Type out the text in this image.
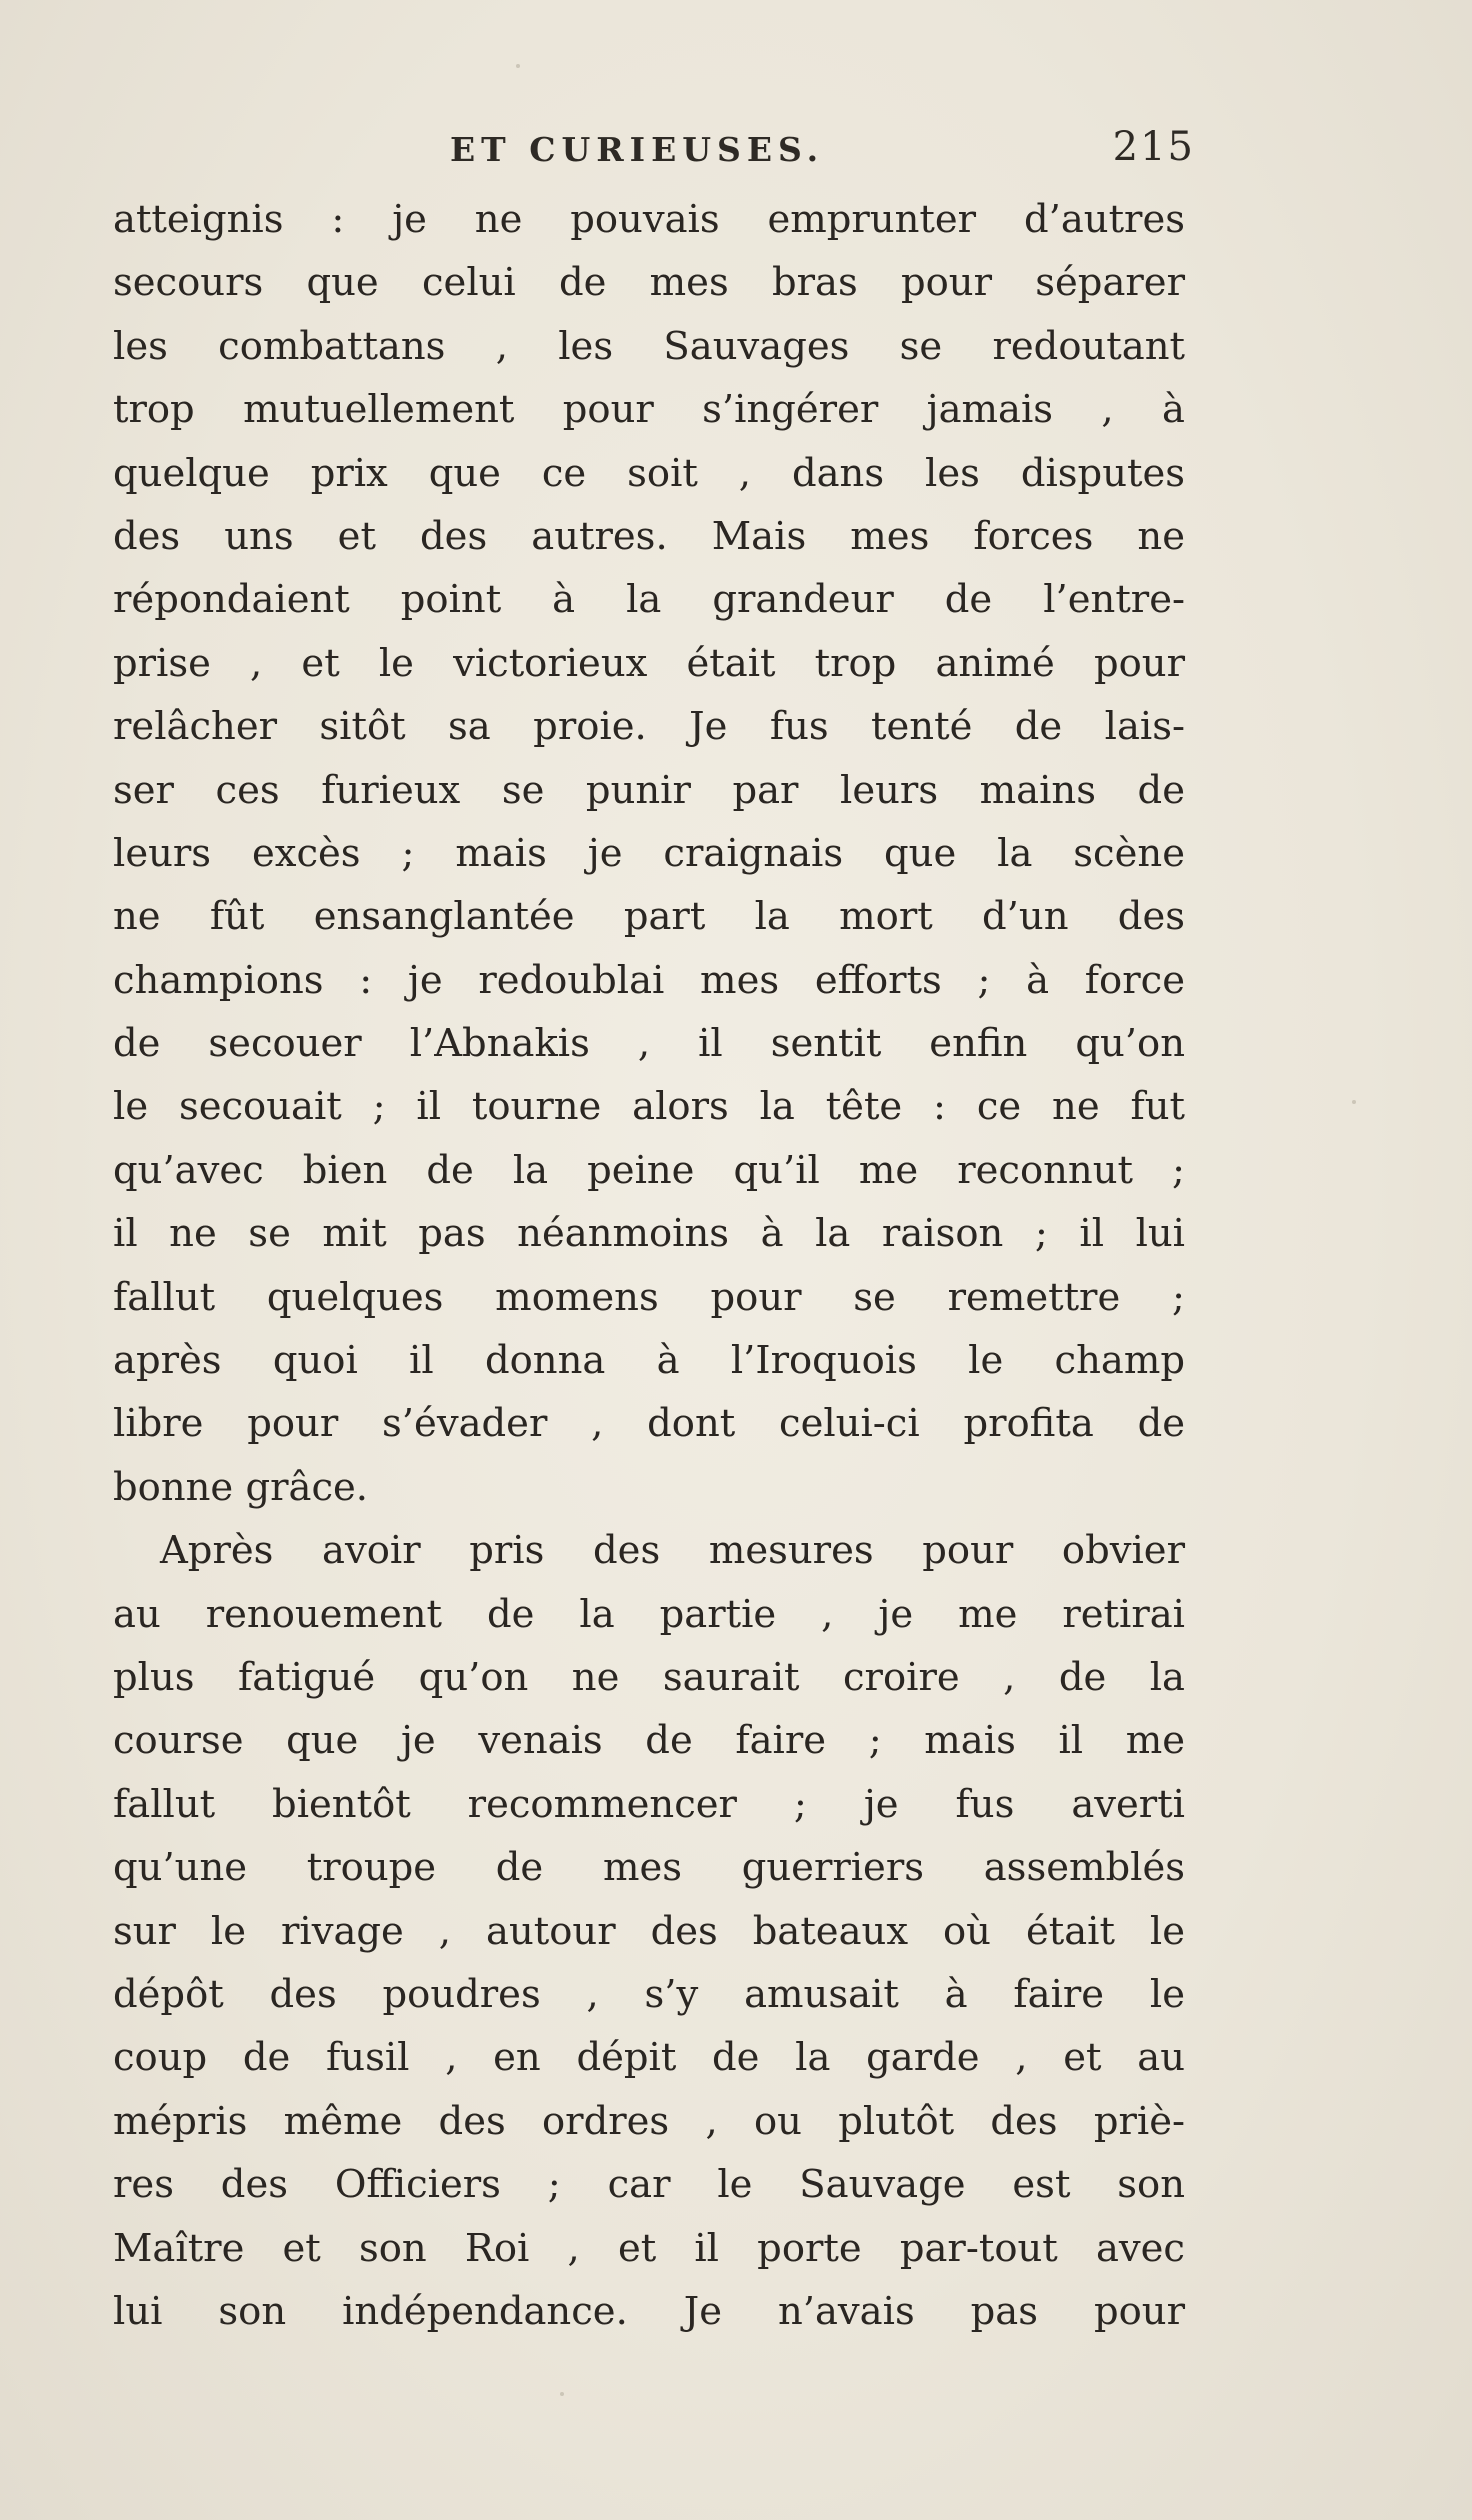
ET CURIEUSES.	215
atteignis : je ne pouvais emprunter d’autres
secours que celui de mes bras pour séparer
les combattans , les Sauvages se redoutant
trop mutuellement pour s’ingérer jamais , à
quelque prix que ce soit , dans les disputes
des uns et des autres. Mais mes forces ne
répondaient point à la grandeur de l’entre-
prise , et le victorieux était trop animé pour
relâcher sitôt sa proie. Je fus tenté de lais-
ser ces furieux se punir par leurs mains de
leurs excès ; mais je craignais que la scène
ne fût ensanglantée part la mort d’un des
champions : je redoublai mes efforts ; à force
de secouer l’Abnakis , il sentit enfin qu’on
le secouait ; il tourne alors la tête : ce ne fut
qu’avec bien de la peine qu’il me reconnut ;
il ne se mit pas néanmoins à la raison ; il lui
fallut quelques momens pour se remettre ;
après quoi il donna à l’Iroquois le champ
libre pour s’évader , dont celui-ci profita de
bonne grâce.
Après avoir pris des mesures pour obvier
au renouement de la partie , je me retirai
plus fatigué qu’on ne saurait croire , de la
course que je venais de faire ; mais il me
fallut bientôt recommencer ; je fus averti
qu’une troupe de mes guerriers assemblés
sur le rivage , autour des bateaux où était le
dépôt des poudres , s’y amusait à faire le
coup de fusil , en dépit de la garde , et au
mépris même des ordres , ou plutôt des priè-
res des Officiers ; car le Sauvage est son
Maître et son Roi , et il porte par-tout avec
lui son indépendance. Je n’avais pas pour
